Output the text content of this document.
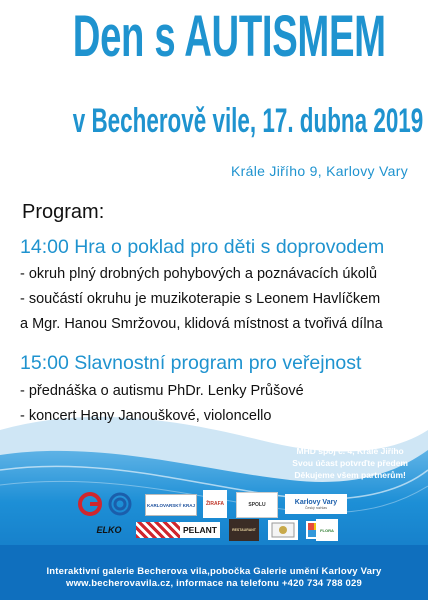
Den s AUTISMEM
v Becherově vile, 17. dubna 2019
Krále Jiřího 9, Karlovy Vary
Program:
14:00 Hra o poklad pro děti s doprovodem
- okruh plný drobných pohybových a poznávacích úkolů
- součástí okruhu je muzikoterapie s Leonem Havlíčkem
a Mgr. Hanou Smržovou, klidová místnost a tvořivá dílna
15:00 Slavnostní program pro veřejnost
- přednáška o autismu PhDr. Lenky Průšové
- koncert Hany Janouškové, violoncello
MHD spoj č. 4, Krále Jiřího
Svou účast potvrďte předem
Děkujeme všem partnerům!
KARLOVARSKÝ KRAJ	ŽIRAFA	SPOLU	Karlovy Vary
Český rozhlas
ELKO	PELANT	RESTAURANT	FLORA
Interaktivní galerie Becherova vila,pobočka Galerie umění Karlovy Vary
www.becherovavila.cz, informace na telefonu +420 734 788 029
